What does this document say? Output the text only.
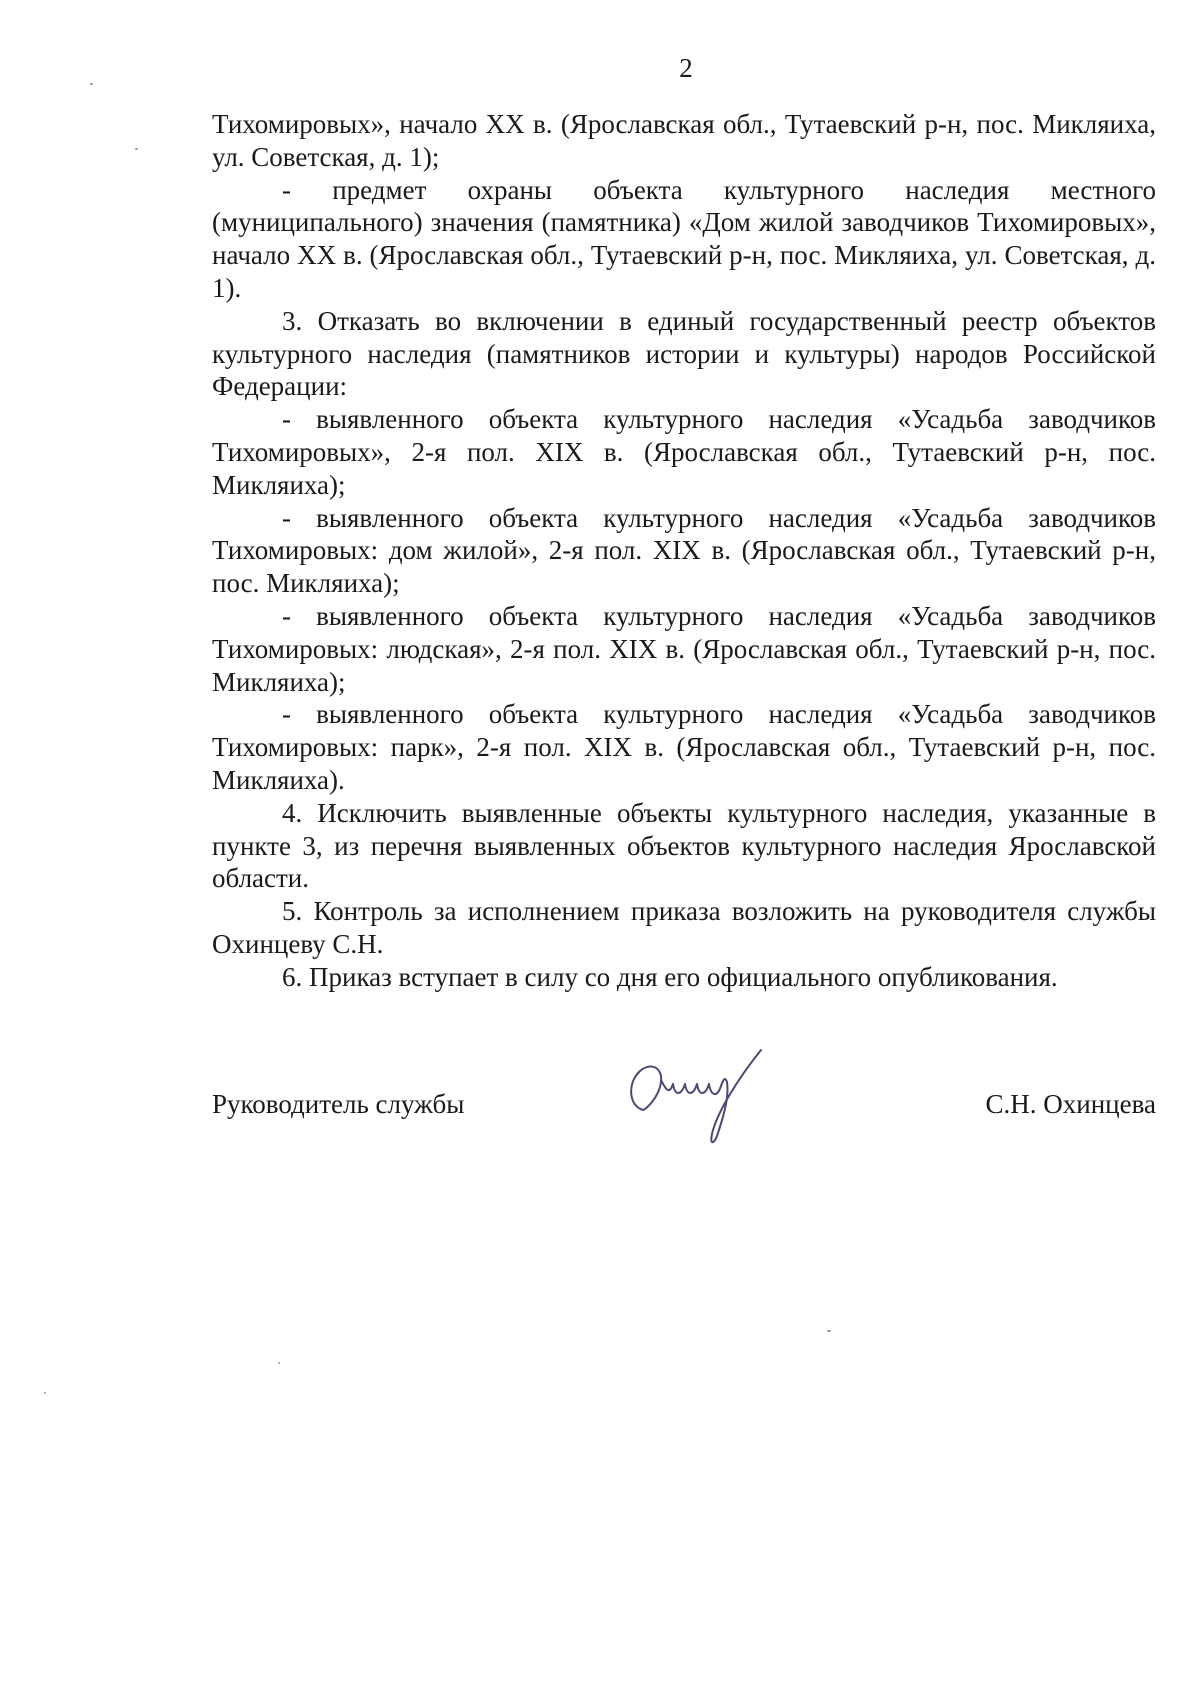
2

Тихомировых», начало XX в. (Ярославская обл., Тутаевский р-н, пос. Микляиха, ул. Советская, д. 1);

- предмет охраны объекта культурного наследия местного (муниципального) значения (памятника) «Дом жилой заводчиков Тихомировых», начало XX в. (Ярославская обл., Тутаевский р-н, пос. Микляиха, ул. Советская, д. 1).

3. Отказать во включении в единый государственный реестр объектов культурного наследия (памятников истории и культуры) народов Российской Федерации:

- выявленного объекта культурного наследия «Усадьба заводчиков Тихомировых», 2-я пол. XIX в. (Ярославская обл., Тутаевский р-н, пос. Микляиха);

- выявленного объекта культурного наследия «Усадьба заводчиков Тихомировых: дом жилой», 2-я пол. XIX в. (Ярославская обл., Тутаевский р-н, пос. Микляиха);

- выявленного объекта культурного наследия «Усадьба заводчиков Тихомировых: людская», 2-я пол. XIX в. (Ярославская обл., Тутаевский р-н, пос. Микляиха);

- выявленного объекта культурного наследия «Усадьба заводчиков Тихомировых: парк», 2-я пол. XIX в. (Ярославская обл., Тутаевский р-н, пос. Микляиха).

4. Исключить выявленные объекты культурного наследия, указанные в пункте 3, из перечня выявленных объектов культурного наследия Ярославской области.

5. Контроль за исполнением приказа возложить на руководителя службы Охинцеву С.Н.

6. Приказ вступает в силу со дня его официального опубликования.

Руководитель службы	С.Н. Охинцева
